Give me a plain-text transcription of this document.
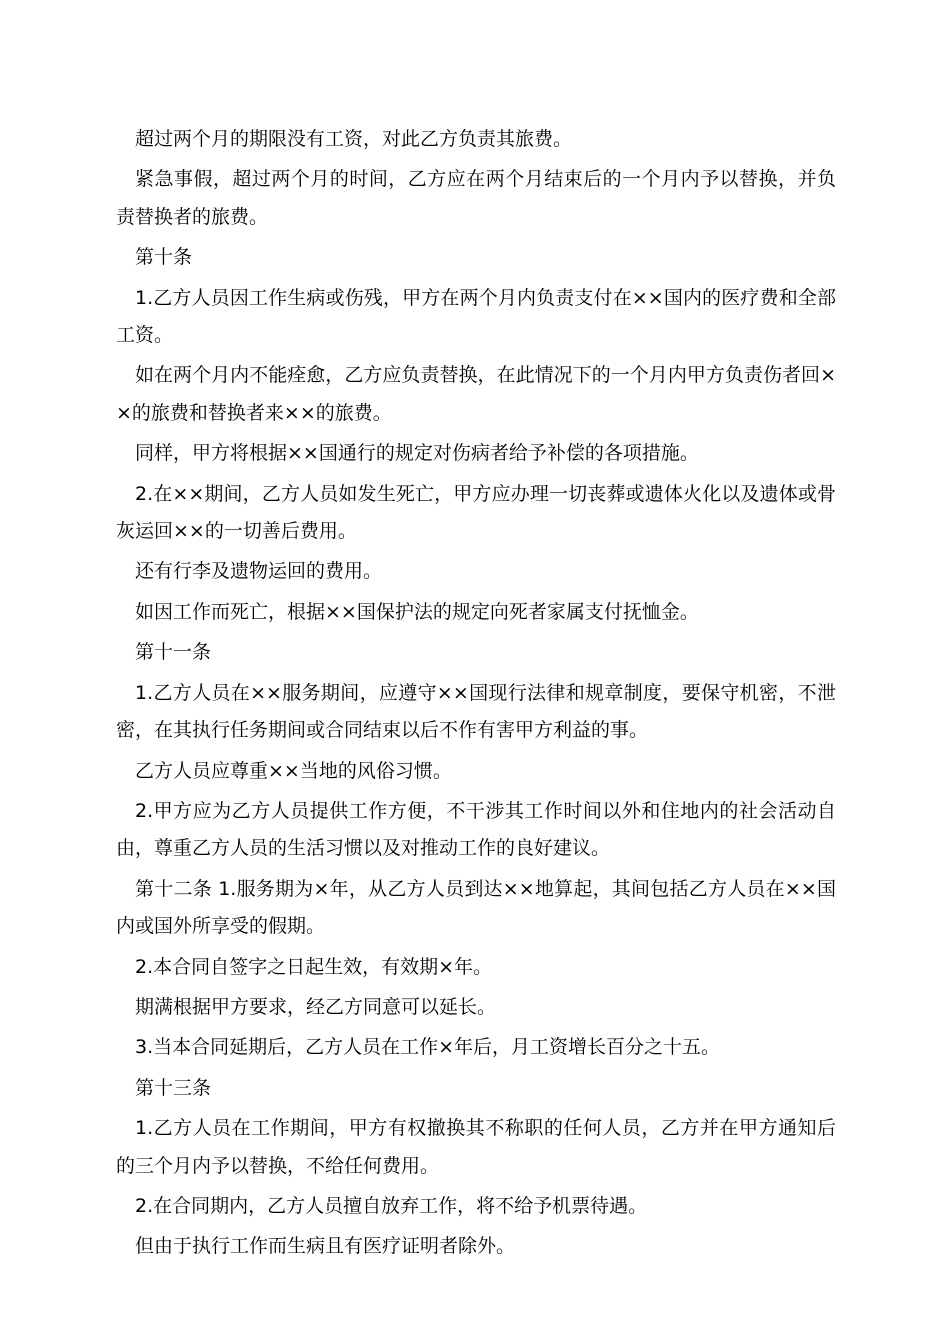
超过两个月的期限没有工资，对此乙方负责其旅费。

紧急事假，超过两个月的时间，乙方应在两个月结束后的一个月内予以替换，并负责替换者的旅费。

第十条

1.乙方人员因工作生病或伤残，甲方在两个月内负责支付在××国内的医疗费和全部工资。

如在两个月内不能痊愈，乙方应负责替换，在此情况下的一个月内甲方负责伤者回××的旅费和替换者来××的旅费。

同样，甲方将根据××国通行的规定对伤病者给予补偿的各项措施。

2.在××期间，乙方人员如发生死亡，甲方应办理一切丧葬或遗体火化以及遗体或骨灰运回××的一切善后费用。

还有行李及遗物运回的费用。

如因工作而死亡，根据××国保护法的规定向死者家属支付抚恤金。

第十一条

1.乙方人员在××服务期间，应遵守××国现行法律和规章制度，要保守机密，不泄密，在其执行任务期间或合同结束以后不作有害甲方利益的事。

乙方人员应尊重××当地的风俗习惯。

2.甲方应为乙方人员提供工作方便，不干涉其工作时间以外和住地内的社会活动自由，尊重乙方人员的生活习惯以及对推动工作的良好建议。

第十二条 1.服务期为×年，从乙方人员到达××地算起，其间包括乙方人员在××国内或国外所享受的假期。

2.本合同自签字之日起生效，有效期×年。

期满根据甲方要求，经乙方同意可以延长。

3.当本合同延期后，乙方人员在工作×年后，月工资增长百分之十五。

第十三条

1.乙方人员在工作期间，甲方有权撤换其不称职的任何人员，乙方并在甲方通知后的三个月内予以替换，不给任何费用。

2.在合同期内，乙方人员擅自放弃工作，将不给予机票待遇。

但由于执行工作而生病且有医疗证明者除外。
